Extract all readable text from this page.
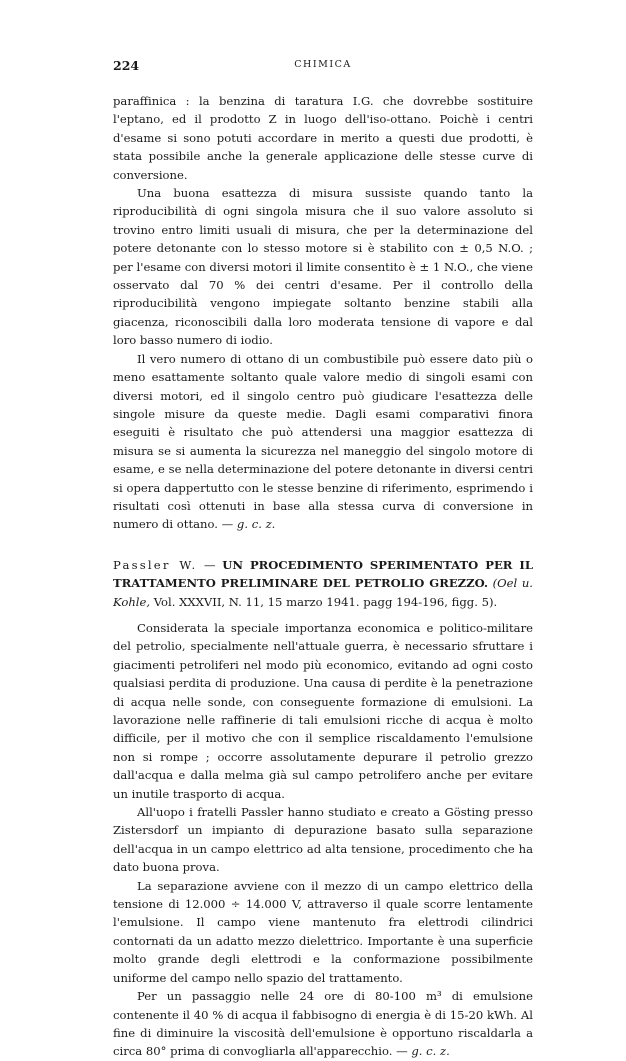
224	CHIMICA

paraffinica : la benzina di taratura I.G. che dovrebbe sostituire l'eptano, ed il prodotto Z in luogo dell'iso-ottano. Poichè i centri d'esame si sono potuti accordare in merito a questi due prodotti, è stata possibile anche la generale applicazione delle stesse curve di conversione.

Una buona esattezza di misura sussiste quando tanto la riproducibilità di ogni singola misura che il suo valore assoluto si trovino entro limiti usuali di misura, che per la determinazione del potere detonante con lo stesso motore si è stabilito con ± 0,5 N.O. ; per l'esame con diversi motori il limite consentito è ± 1 N.O., che viene osservato dal 70 % dei centri d'esame. Per il controllo della riproducibilità vengono impiegate soltanto benzine stabili alla giacenza, riconoscibili dalla loro moderata tensione di vapore e dal loro basso numero di iodio.

Il vero numero di ottano di un combustibile può essere dato più o meno esattamente soltanto quale valore medio di singoli esami con diversi motori, ed il singolo centro può giudicare l'esattezza delle singole misure da queste medie. Dagli esami comparativi finora eseguiti è risultato che può attendersi una maggior esattezza di misura se si aumenta la sicurezza nel maneggio del singolo motore di esame, e se nella determinazione del potere detonante in diversi centri si opera dappertutto con le stesse benzine di riferimento, esprimendo i risultati così ottenuti in base alla stessa curva di conversione in numero di ottano. — g. c. z.

Passler W. — UN PROCEDIMENTO SPERIMENTATO PER IL TRATTAMENTO PRELIMINARE DEL PETROLIO GREZZO. (Oel u. Kohle, Vol. XXXVII, N. 11, 15 marzo 1941. pagg 194-196, figg. 5).

Considerata la speciale importanza economica e politico-militare del petrolio, specialmente nell'attuale guerra, è necessario sfruttare i giacimenti petroliferi nel modo più economico, evitando ad ogni costo qualsiasi perdita di produzione. Una causa di perdite è la penetrazione di acqua nelle sonde, con conseguente formazione di emulsioni. La lavorazione nelle raffinerie di tali emulsioni ricche di acqua è molto difficile, per il motivo che con il semplice riscaldamento l'emulsione non si rompe ; occorre assolutamente depurare il petrolio grezzo dall'acqua e dalla melma già sul campo petrolifero anche per evitare un inutile trasporto di acqua.

All'uopo i fratelli Passler hanno studiato e creato a Gösting presso Zistersdorf un impianto di depurazione basato sulla separazione dell'acqua in un campo elettrico ad alta tensione, procedimento che ha dato buona prova.

La separazione avviene con il mezzo di un campo elettrico della tensione di 12.000 ÷ 14.000 V, attraverso il quale scorre lentamente l'emulsione. Il campo viene mantenuto fra elettrodi cilindrici contornati da un adatto mezzo dielettrico. Importante è una superficie molto grande degli elettrodi e la conformazione possibilmente uniforme del campo nello spazio del trattamento.

Per un passaggio nelle 24 ore di 80-100 m³ di emulsione contenente il 40 % di acqua il fabbisogno di energia è di 15-20 kWh. Al fine di diminuire la viscosità dell'emulsione è opportuno riscaldarla a circa 80° prima di convogliarla all'apparecchio. — g. c. z.
